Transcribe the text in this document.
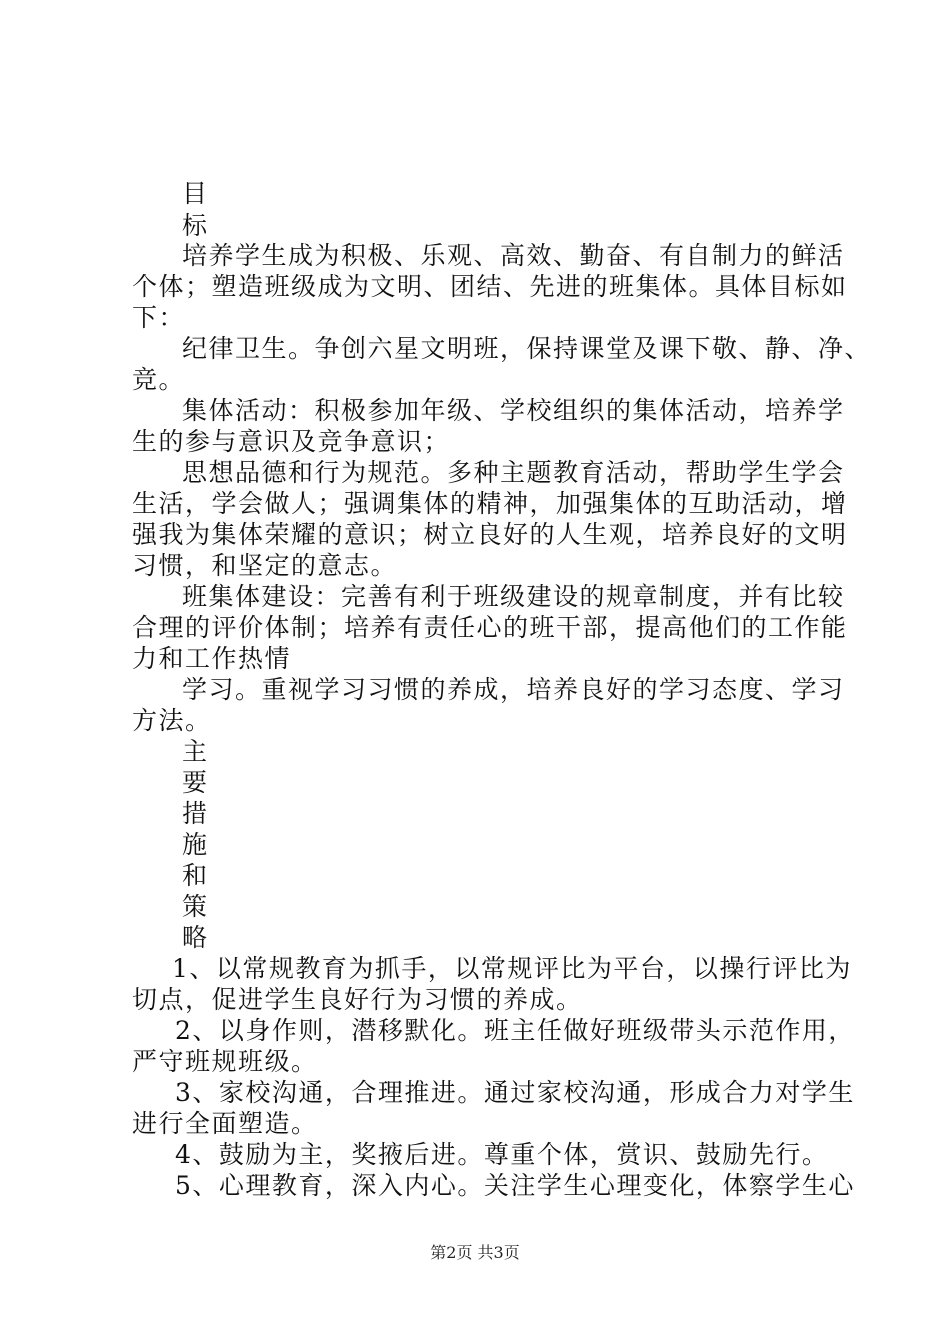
目
标
培养学生成为积极、乐观、高效、勤奋、有自制力的鲜活
个体；塑造班级成为文明、团结、先进的班集体。具体目标如
下：
纪律卫生。争创六星文明班，保持课堂及课下敬、静、净、
竞。
集体活动：积极参加年级、学校组织的集体活动，培养学
生的参与意识及竞争意识；
思想品德和行为规范。多种主题教育活动，帮助学生学会
生活，学会做人；强调集体的精神，加强集体的互助活动，增
强我为集体荣耀的意识；树立良好的人生观，培养良好的文明
习惯，和坚定的意志。
班集体建设：完善有利于班级建设的规章制度，并有比较
合理的评价体制；培养有责任心的班干部，提高他们的工作能
力和工作热情
学习。重视学习习惯的养成，培养良好的学习态度、学习
方法。
主
要
措
施
和
策
略
1、以常规教育为抓手，以常规评比为平台，以操行评比为
切点，促进学生良好行为习惯的养成。
2、以身作则，潜移默化。班主任做好班级带头示范作用，
严守班规班级。
3、家校沟通，合理推进。通过家校沟通，形成合力对学生
进行全面塑造。
4、鼓励为主，奖掖后进。尊重个体，赏识、鼓励先行。
5、心理教育，深入内心。关注学生心理变化，体察学生心
第2页 共3页
